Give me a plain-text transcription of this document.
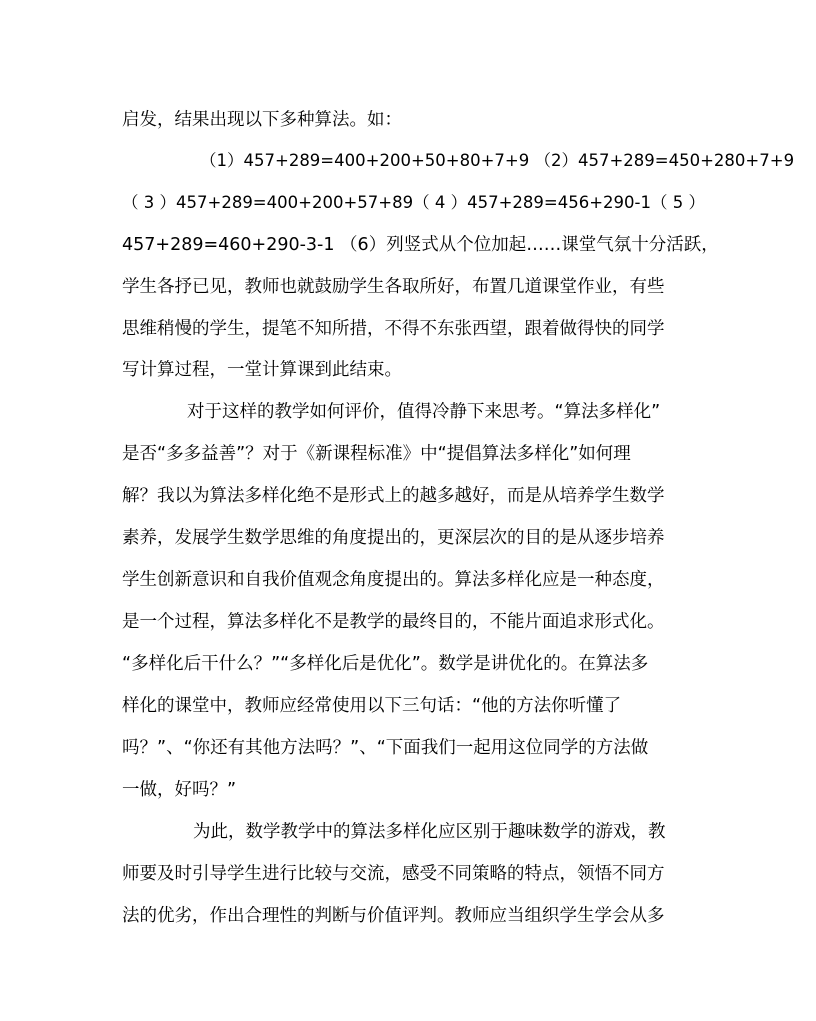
启发，结果出现以下多种算法。如：
（1）457+289=400+200+50+80+7+9 （2）457+289=450+280+7+9
（ 3 ） 457+289=400+200+57+89 （ 4 ） 457+289=456+290-1 （ 5 ）
457+289=460+290-3-1 （6）列竖式从个位加起……课堂气氛十分活跃，
学生各抒已见，教师也就鼓励学生各取所好，布置几道课堂作业，有些
思维稍慢的学生，提笔不知所措，不得不东张西望，跟着做得快的同学
写计算过程，一堂计算课到此结束。
对于这样的教学如何评价，值得冷静下来思考。“算法多样化”
是否“多多益善”？对于《新课程标准》中“提倡算法多样化”如何理
解？我以为算法多样化绝不是形式上的越多越好，而是从培养学生数学
素养，发展学生数学思维的角度提出的，更深层次的目的是从逐步培养
学生创新意识和自我价值观念角度提出的。算法多样化应是一种态度，
是一个过程，算法多样化不是教学的最终目的，不能片面追求形式化。
“多样化后干什么？”“多样化后是优化”。数学是讲优化的。在算法多
样化的课堂中，教师应经常使用以下三句话：“他的方法你听懂了
吗？”、“你还有其他方法吗？”、“下面我们一起用这位同学的方法做
一做，好吗？”
为此，数学教学中的算法多样化应区别于趣味数学的游戏，教
师要及时引导学生进行比较与交流，感受不同策略的特点，领悟不同方
法的优劣，作出合理性的判断与价值评判。教师应当组织学生学会从多
